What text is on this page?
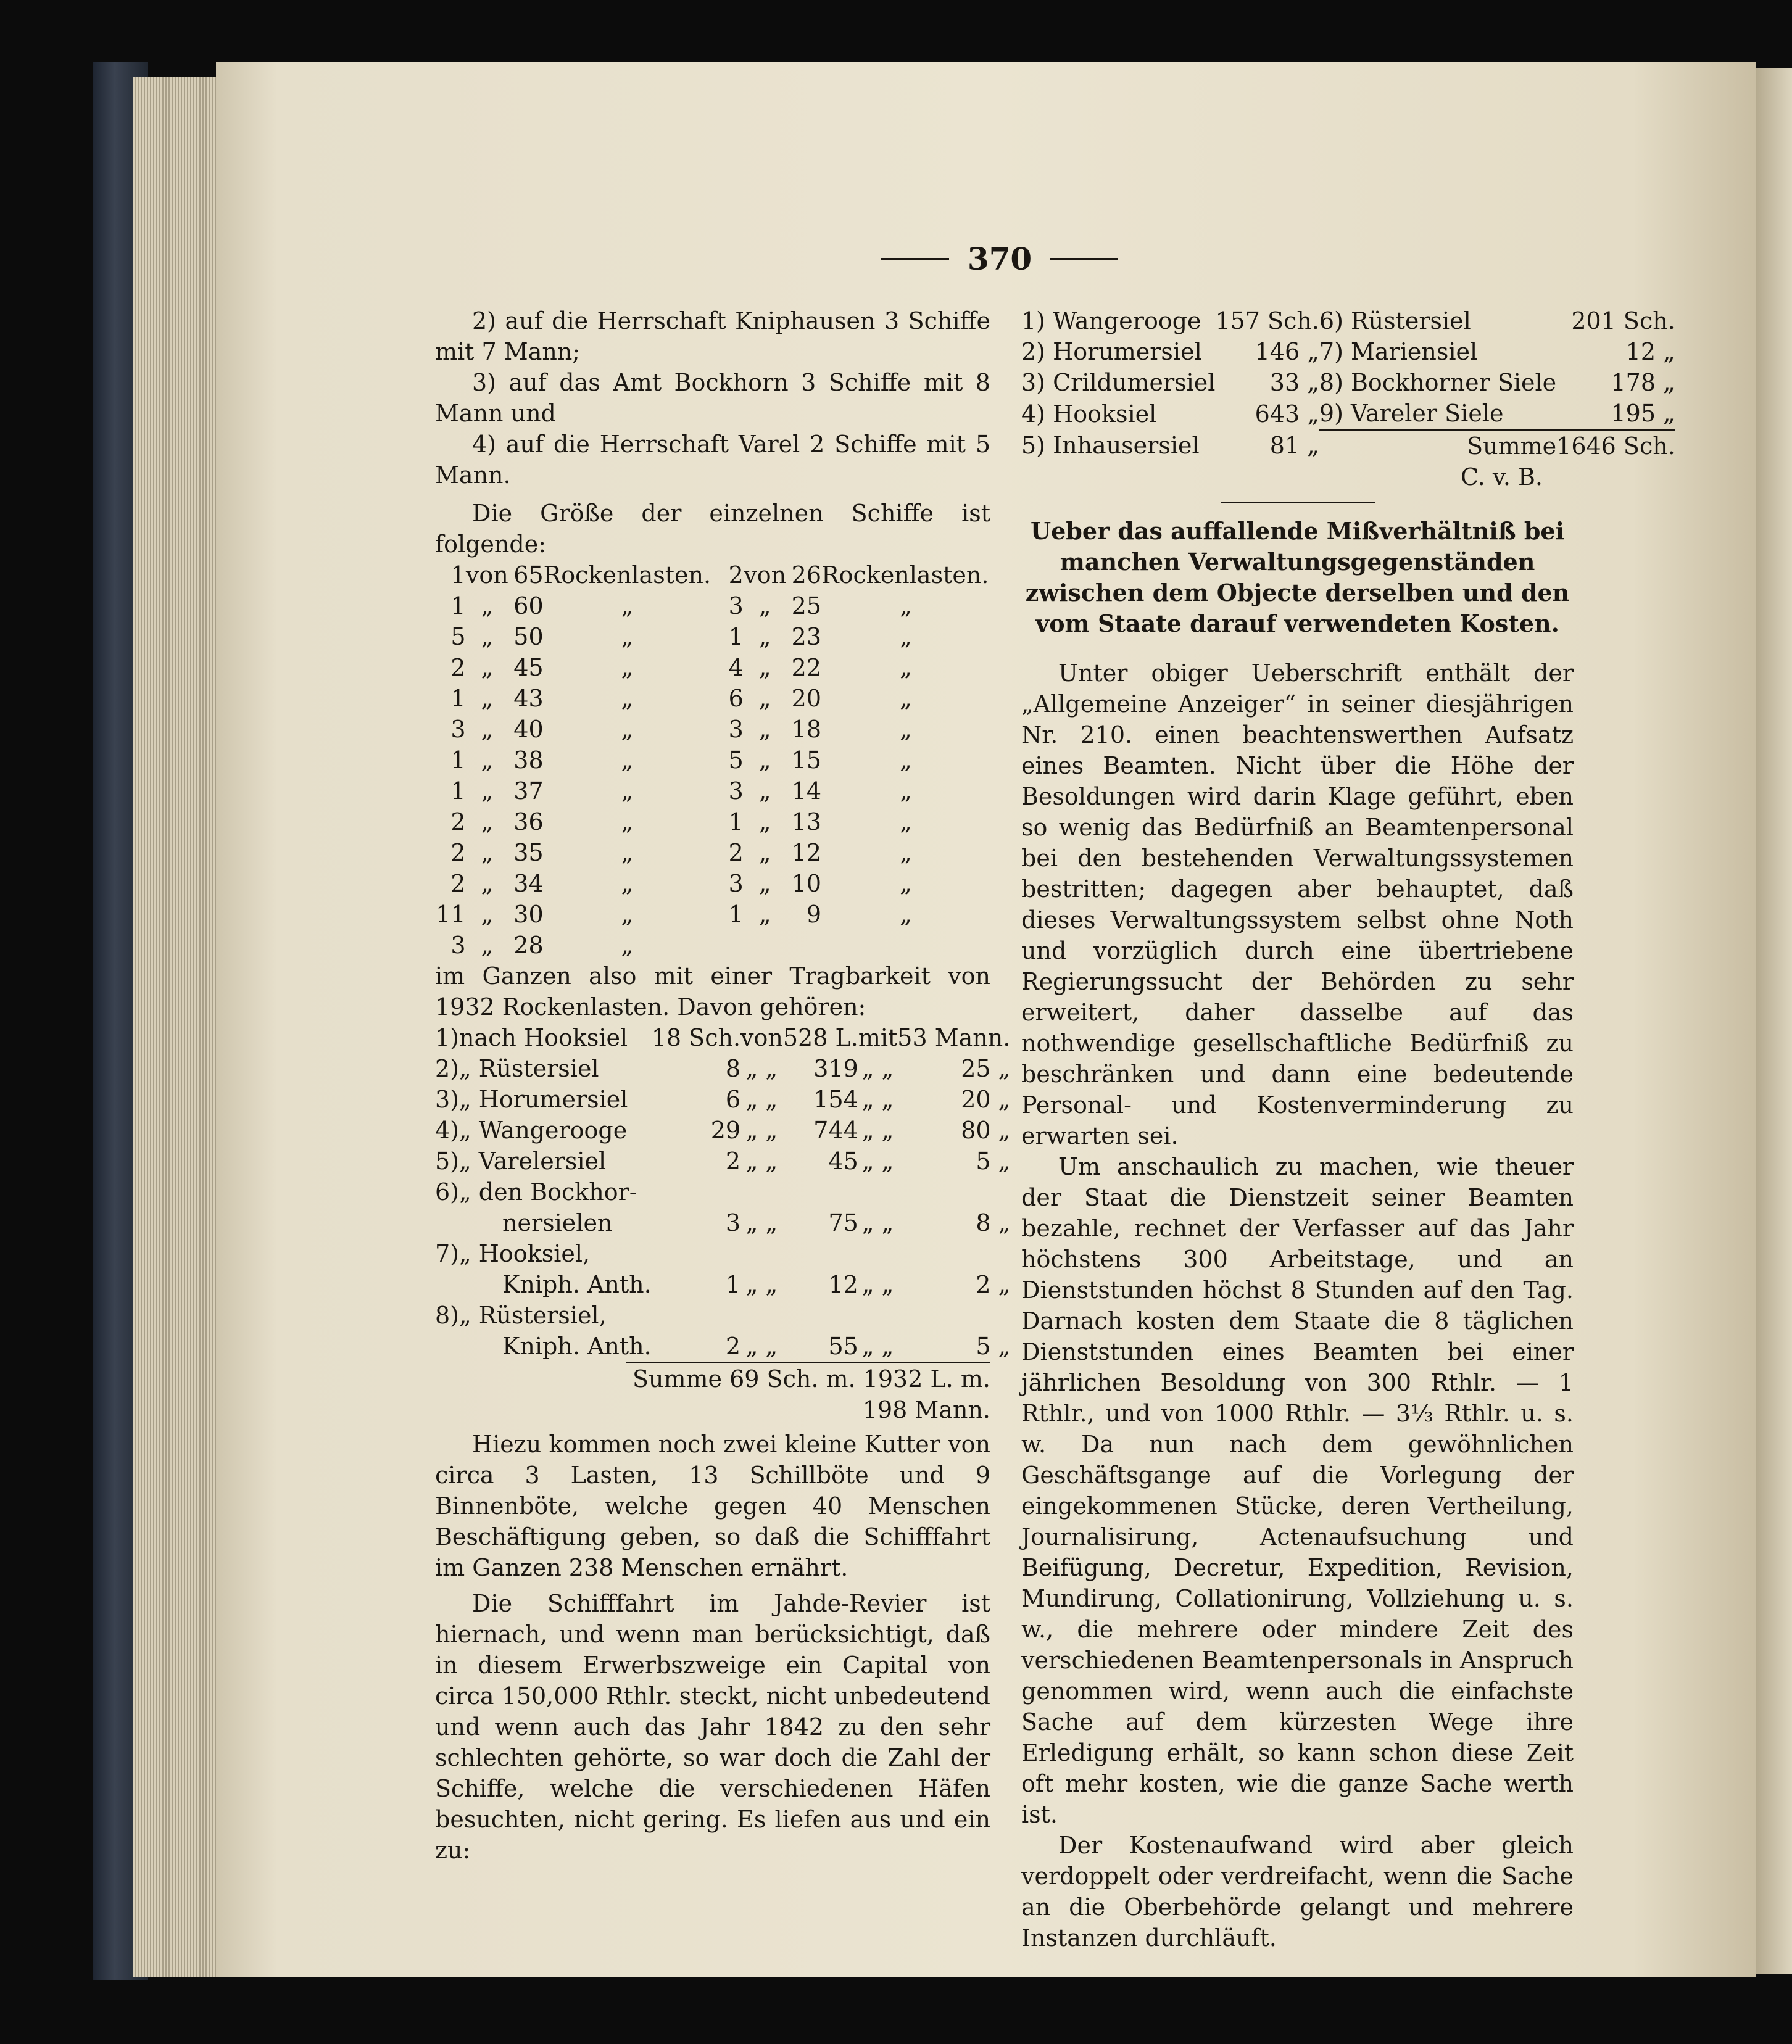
370

2) auf die Herrschaft Kniphausen 3 Schiffe mit 7 Mann;

3) auf das Amt Bockhorn 3 Schiffe mit 8 Mann und

4) auf die Herrschaft Varel 2 Schiffe mit 5 Mann.

Die Größe der einzelnen Schiffe ist folgende:

1	von	65	Rockenlasten.	2	von	26	Rockenlasten.
1	„	60	„	3	„	25	„
5	„	50	„	1	„	23	„
2	„	45	„	4	„	22	„
1	„	43	„	6	„	20	„
3	„	40	„	3	„	18	„
1	„	38	„	5	„	15	„
1	„	37	„	3	„	14	„
2	„	36	„	1	„	13	„
2	„	35	„	2	„	12	„
2	„	34	„	3	„	10	„
11	„	30	„	1	„	9	„
3	„	28	„				

im Ganzen also mit einer Tragbarkeit von 1932 Rockenlasten. Davon gehören:

1)	nach Hooksiel	18 Sch.	von	528 L.	mit	53 Mann.
2)	„ Rüstersiel	8	„ „	319	„ „	25 „
3)	„ Horumersiel	6	„ „	154	„ „	20 „
4)	„ Wangerooge	29	„ „	744	„ „	80 „
5)	„ Varelersiel	2	„ „	45	„ „	5 „
6)	„ den Bockhor-					
	nersielen	3	„ „	75	„ „	8 „
7)	„ Hooksiel,					
	Kniph. Anth.	1	„ „	12	„ „	2 „
8)	„ Rüstersiel,					
	Kniph. Anth.	2	„ „	55	„ „	5 „

Summe 69 Sch. m. 1932 L. m. 198 Mann.

Hiezu kommen noch zwei kleine Kutter von circa 3 Lasten, 13 Schillböte und 9 Binnenböte, welche gegen 40 Menschen Beschäftigung geben, so daß die Schifffahrt im Ganzen 238 Menschen ernährt.

Die Schifffahrt im Jahde-Revier ist hiernach, und wenn man berücksichtigt, daß in diesem Erwerbszweige ein Capital von circa 150,000 Rthlr. steckt, nicht unbedeutend und wenn auch das Jahr 1842 zu den sehr schlechten gehörte, so war doch die Zahl der Schiffe, welche die verschiedenen Häfen besuchten, nicht gering. Es liefen aus und ein zu:

1) Wangerooge	157 Sch.	6) Rüstersiel	201 Sch.
2) Horumersiel	146 „	7) Mariensiel	12 „
3) Crildumersiel	33 „	8) Bockhorner Siele	178 „
4) Hooksiel	643 „	9) Vareler Siele	195 „
5) Inhausersiel	81 „	Summe	1646 Sch.

C. v. B.

Ueber das auffallende Mißverhältniß bei manchen Verwaltungsgegenständen zwischen dem Objecte derselben und den vom Staate darauf verwendeten Kosten.

Unter obiger Ueberschrift enthält der „Allgemeine Anzeiger“ in seiner diesjährigen Nr. 210. einen beachtenswerthen Aufsatz eines Beamten. Nicht über die Höhe der Besoldungen wird darin Klage geführt, eben so wenig das Bedürfniß an Beamtenpersonal bei den bestehenden Verwaltungssystemen bestritten; dagegen aber behauptet, daß dieses Verwaltungssystem selbst ohne Noth und vorzüglich durch eine übertriebene Regierungssucht der Behörden zu sehr erweitert, daher dasselbe auf das nothwendige gesellschaftliche Bedürfniß zu beschränken und dann eine bedeutende Personal- und Kostenverminderung zu erwarten sei.

Um anschaulich zu machen, wie theuer der Staat die Dienstzeit seiner Beamten bezahle, rechnet der Verfasser auf das Jahr höchstens 300 Arbeitstage, und an Dienststunden höchst 8 Stunden auf den Tag. Darnach kosten dem Staate die 8 täglichen Dienststunden eines Beamten bei einer jährlichen Besoldung von 300 Rthlr. — 1 Rthlr., und von 1000 Rthlr. — 3⅓ Rthlr. u. s. w. Da nun nach dem gewöhnlichen Geschäftsgange auf die Vorlegung der eingekommenen Stücke, deren Vertheilung, Journalisirung, Actenaufsuchung und Beifügung, Decretur, Expedition, Revision, Mundirung, Collationirung, Vollziehung u. s. w., die mehrere oder mindere Zeit des verschiedenen Beamtenpersonals in Anspruch genommen wird, wenn auch die einfachste Sache auf dem kürzesten Wege ihre Erledigung erhält, so kann schon diese Zeit oft mehr kosten, wie die ganze Sache werth ist.

Der Kostenaufwand wird aber gleich verdoppelt oder verdreifacht, wenn die Sache an die Oberbehörde gelangt und mehrere Instanzen durchläuft.
